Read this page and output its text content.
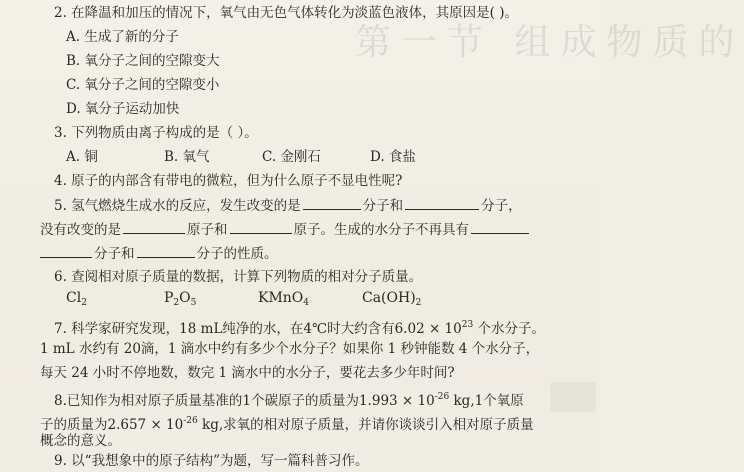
第一节 组成物质的
2. 在降温和加压的情况下，氧气由无色气体转化为淡蓝色液体，其原因是( )。
A. 生成了新的分子
B. 氧分子之间的空隙变大
C. 氧分子之间的空隙变小
D. 氧分子运动加快
3. 下列物质由离子构成的是（ ）。
A. 铜	B. 氧气	C. 金刚石	D. 食盐
4. 原子的内部含有带电的微粒，但为什么原子不显电性呢?
5. 氢气燃烧生成水的反应，发生改变的是	分子和	分子，
没有改变的是	原子和	原子。生成的水分子不再具有
分子和	分子的性质。
6. 查阅相对原子质量的数据，计算下列物质的相对分子质量。
$Cl_2$	$P_2O_5$	KMnO$_4$	$Ca(OH)_2$
7. 科学家研究发现，18 mL纯净的水，在4℃时大约含有$6.02 \times 10^{23}$ 个水分子。
1 mL 水约有 20滴，1 滴水中约有多少个水分子？如果你 1 秒钟能数 4 个水分子，
每天 24 小时不停地数，数完 1 滴水中的水分子，要花去多少年时间?
8.已知作为相对原子质量基准的1个碳原子的质量为$1.993 \times 10^{-26}$ kg,1个氧原
子的质量为$2.657 \times 10^{-26}$ kg,求氧的相对原子质量，并请你谈谈引入相对原子质量
概念的意义。
9. 以“我想象中的原子结构”为题，写一篇科普习作。
